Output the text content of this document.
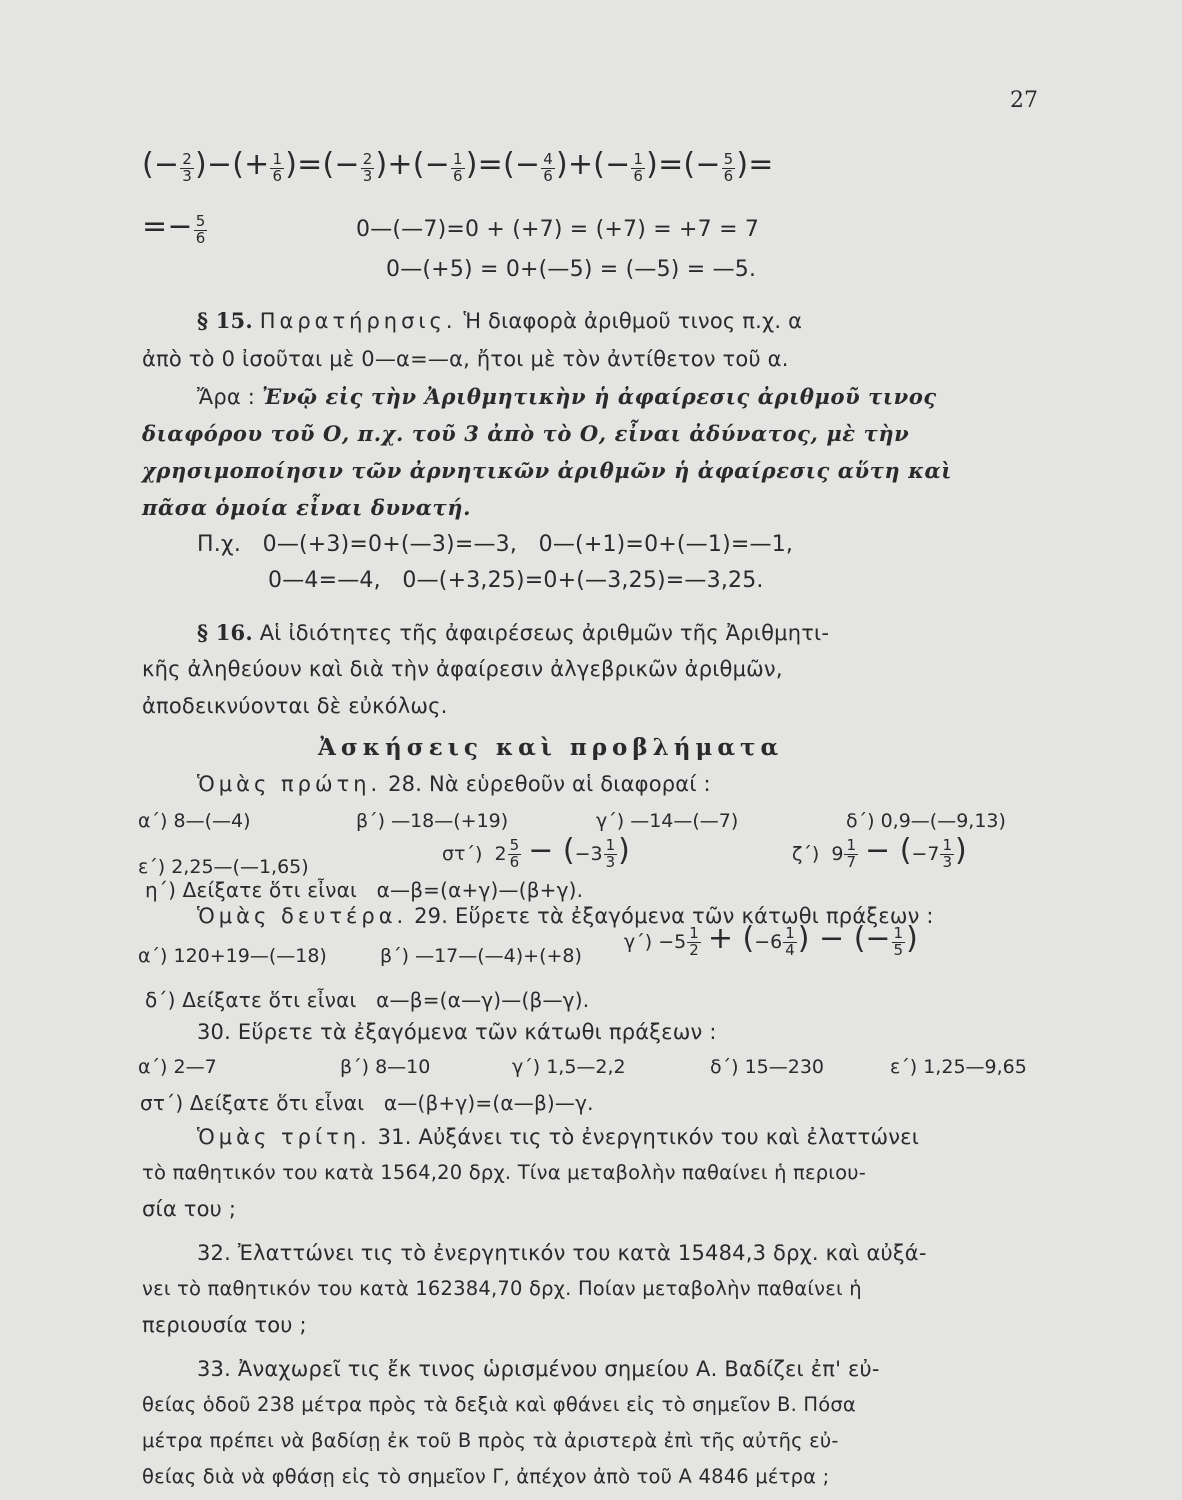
27
(− $\frac{2}{3}$ )−(+ $\frac{1}{6}$ )=(− $\frac{2}{3}$ )+(− $\frac{1}{6}$ )=(− $\frac{4}{6}$ )+(− $\frac{1}{6}$ )=(− $\frac{5}{6}$ )=
=− $\frac{5}{6}$	0—(—7)=0 + (+7) = (+7) = +7 = 7
0—(+5) = 0+(—5) = (—5) = —5.
§ 15. Παρατήρησις. Ἡ διαφορὰ ἀριθμοῦ τινος π.χ. α
ἀπὸ τὸ 0 ἰσοῦται μὲ 0—α=—α, ἤτοι μὲ τὸν ἀντίθετον τοῦ α.
Ἄρα : Ἐνῷ εἰς τὴν Ἀριθμητικὴν ἡ ἀφαίρεσις ἀριθμοῦ τινος
διαφόρου τοῦ Ο, π.χ. τοῦ 3 ἀπὸ τὸ Ο, εἶναι ἀδύνατος, μὲ τὴν
χρησιμοποίησιν τῶν ἀρνητικῶν ἀριθμῶν ἡ ἀφαίρεσις αὕτη καὶ
πᾶσα ὁμοία εἶναι δυνατή.
Π.χ.   0—(+3)=0+(—3)=—3,   0—(+1)=0+(—1)=—1,
0—4=—4,   0—(+3,25)=0+(—3,25)=—3,25.
§ 16. Αἱ ἰδιότητες τῆς ἀφαιρέσεως ἀριθμῶν τῆς Ἀριθμητι-
κῆς ἀληθεύουν καὶ διὰ τὴν ἀφαίρεσιν ἀλγεβρικῶν ἀριθμῶν,
ἀποδεικνύονται δὲ εὐκόλως.
Ἀσκήσεις καὶ προβλήματα
Ὁμὰς πρώτη. 28. Νὰ εὑρεθοῦν αἱ διαφοραί :
α΄) 8—(—4)	β΄) —18—(+19)	γ΄) —14—(—7)	δ΄) 0,9—(—9,13)
ε΄) 2,25—(—1,65)
στ΄) $2 \frac{5}{6} - (-3 \frac{1}{3}$ )	ζ΄) $9 \frac{1}{7} - (-7 \frac{1}{3}$ )
η΄) Δείξατε ὅτι εἶναι   α—β=(α+γ)—(β+γ).
Ὁμὰς δευτέρα. 29. Εὕρετε τὰ ἐξαγόμενα τῶν κάτωθι πράξεων :
α΄) 120+19—(—18)	β΄) —17—(—4)+(+8)
$\gamma΄) -5 \frac{1}{2} + (-6 \frac{1}{4}$ ) − (− $\frac{1}{5}$ )
δ΄) Δείξατε ὅτι εἶναι   α—β=(α—γ)—(β—γ).
30. Εὕρετε τὰ ἐξαγόμενα τῶν κάτωθι πράξεων :
α΄) 2—7	β΄) 8—10	γ΄) 1,5—2,2	δ΄) 15—230	ε΄) 1,25—9,65
στ΄) Δείξατε ὅτι εἶναι   α—(β+γ)=(α—β)—γ.
Ὁμὰς τρίτη. 31. Αὐξάνει τις τὸ ἐνεργητικόν του καὶ ἐλαττώνει
τὸ παθητικόν του κατὰ 1564,20 δρχ. Τίνα μεταβολὴν παθαίνει ἡ περιου-
σία του ;
32. Ἐλαττώνει τις τὸ ἐνεργητικόν του κατὰ 15484,3 δρχ. καὶ αὐξά-
νει τὸ παθητικόν του κατὰ 162384,70 δρχ. Ποίαν μεταβολὴν παθαίνει ἡ
περιουσία του ;
33. Ἀναχωρεῖ τις ἔκ τινος ὡρισμένου σημείου Α. Βαδίζει ἐπ' εὐ-
θείας ὁδοῦ 238 μέτρα πρὸς τὰ δεξιὰ καὶ φθάνει εἰς τὸ σημεῖον Β. Πόσα
μέτρα πρέπει νὰ βαδίσῃ ἐκ τοῦ Β πρὸς τὰ ἀριστερὰ ἐπὶ τῆς αὐτῆς εὐ-
θείας διὰ νὰ φθάσῃ εἰς τὸ σημεῖον Γ, ἀπέχον ἀπὸ τοῦ Α 4846 μέτρα ;
